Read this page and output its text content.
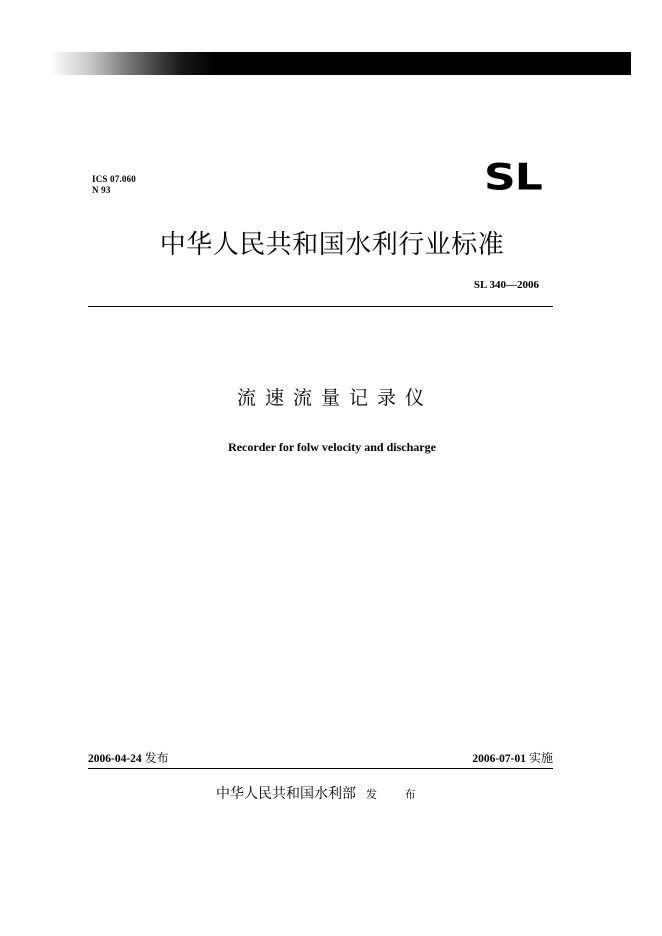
ICS 07.060
N 93	SL
中华人民共和国水利行业标准
SL 340—2006
流速流量记录仪
Recorder for folw velocity and discharge
2006-04-24 发布	2006-07-01 实施
中华人民共和国水利部 发 布
